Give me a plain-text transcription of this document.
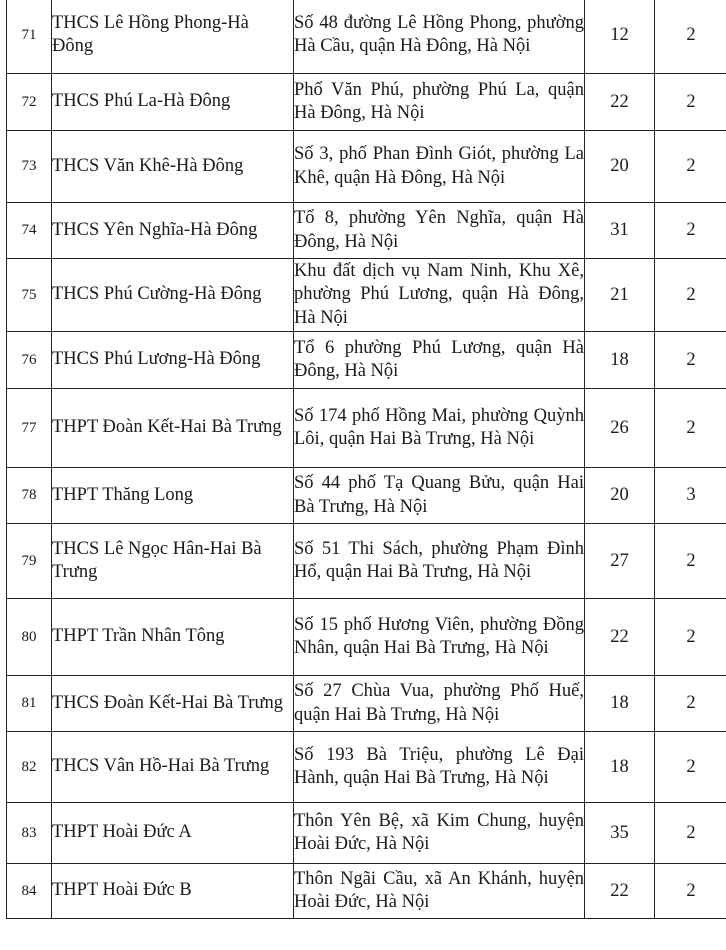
71	THCS Lê Hồng Phong-Hà Đông	Số 48 đường Lê Hồng Phong, phường Hà Cầu, quận Hà Đông, Hà Nội	12	2

72	THCS Phú La-Hà Đông	Phố Văn Phú, phường Phú La, quận Hà Đông, Hà Nội	22	2

73	THCS Văn Khê-Hà Đông	Số 3, phố Phan Đình Giót, phường La Khê, quận Hà Đông, Hà Nội	20	2

74	THCS Yên Nghĩa-Hà Đông	Tổ 8, phường Yên Nghĩa, quận Hà Đông, Hà Nội	31	2

75	THCS Phú Cường-Hà Đông	Khu đất dịch vụ Nam Ninh, Khu Xê, phường Phú Lương, quận Hà Đông, Hà Nội	21	2

76	THCS Phú Lương-Hà Đông	Tổ 6 phường Phú Lương, quận Hà Đông, Hà Nội	18	2

77	THPT Đoàn Kết-Hai Bà Trưng	Số 174 phố Hồng Mai, phường Quỳnh Lôi, quận Hai Bà Trưng, Hà Nội	26	2

78	THPT Thăng Long	Số 44 phố Tạ Quang Bửu, quận Hai Bà Trưng, Hà Nội	20	3

79	THCS Lê Ngọc Hân-Hai Bà Trưng	Số 51 Thi Sách, phường Phạm Đình Hổ, quận Hai Bà Trưng, Hà Nội	27	2

80	THPT Trần Nhân Tông	Số 15 phố Hương Viên, phường Đồng Nhân, quận Hai Bà Trưng, Hà Nội	22	2

81	THCS Đoàn Kết-Hai Bà Trưng	Số 27 Chùa Vua, phường Phố Huế, quận Hai Bà Trưng, Hà Nội	18	2

82	THCS Vân Hồ-Hai Bà Trưng	Số 193 Bà Triệu, phường Lê Đại Hành, quận Hai Bà Trưng, Hà Nội	18	2

83	THPT Hoài Đức A	Thôn Yên Bệ, xã Kim Chung, huyện Hoài Đức, Hà Nội	35	2

84	THPT Hoài Đức B	Thôn Ngãi Cầu, xã An Khánh, huyện Hoài Đức, Hà Nội	22	2
